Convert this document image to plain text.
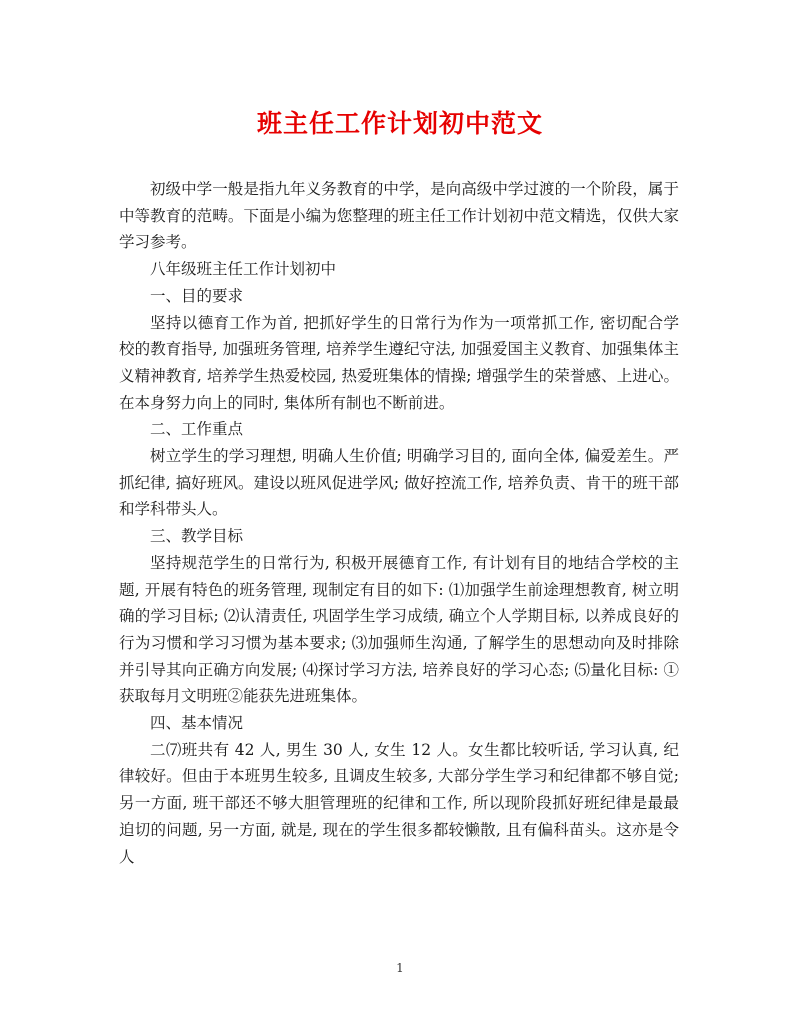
班主任工作计划初中范文

初级中学一般是指九年义务教育的中学，是向高级中学过渡的一个阶段，属于中等教育的范畴。下面是小编为您整理的班主任工作计划初中范文精选，仅供大家学习参考。

八年级班主任工作计划初中

一、目的要求

坚持以德育工作为首, 把抓好学生的日常行为作为一项常抓工作, 密切配合学校的教育指导, 加强班务管理, 培养学生遵纪守法, 加强爱国主义教育、加强集体主义精神教育, 培养学生热爱校园, 热爱班集体的情操; 增强学生的荣誉感、上进心。在本身努力向上的同时, 集体所有制也不断前进。

二、工作重点

树立学生的学习理想, 明确人生价值; 明确学习目的, 面向全体, 偏爱差生。严抓纪律, 搞好班风。建设以班风促进学风; 做好控流工作, 培养负责、肯干的班干部和学科带头人。

三、教学目标

坚持规范学生的日常行为, 积极开展德育工作, 有计划有目的地结合学校的主题, 开展有特色的班务管理, 现制定有目的如下: ⑴加强学生前途理想教育, 树立明确的学习目标; ⑵认清责任, 巩固学生学习成绩, 确立个人学期目标, 以养成良好的行为习惯和学习习惯为基本要求; ⑶加强师生沟通, 了解学生的思想动向及时排除并引导其向正确方向发展; ⑷探讨学习方法, 培养良好的学习心态; ⑸量化目标: ①获取每月文明班②能获先进班集体。

四、基本情况

二⑺班共有 42 人, 男生 30 人, 女生 12 人。女生都比较听话, 学习认真, 纪律较好。但由于本班男生较多, 且调皮生较多, 大部分学生学习和纪律都不够自觉; 另一方面, 班干部还不够大胆管理班的纪律和工作, 所以现阶段抓好班纪律是最最迫切的问题, 另一方面, 就是, 现在的学生很多都较懒散, 且有偏科苗头。这亦是令人

1
